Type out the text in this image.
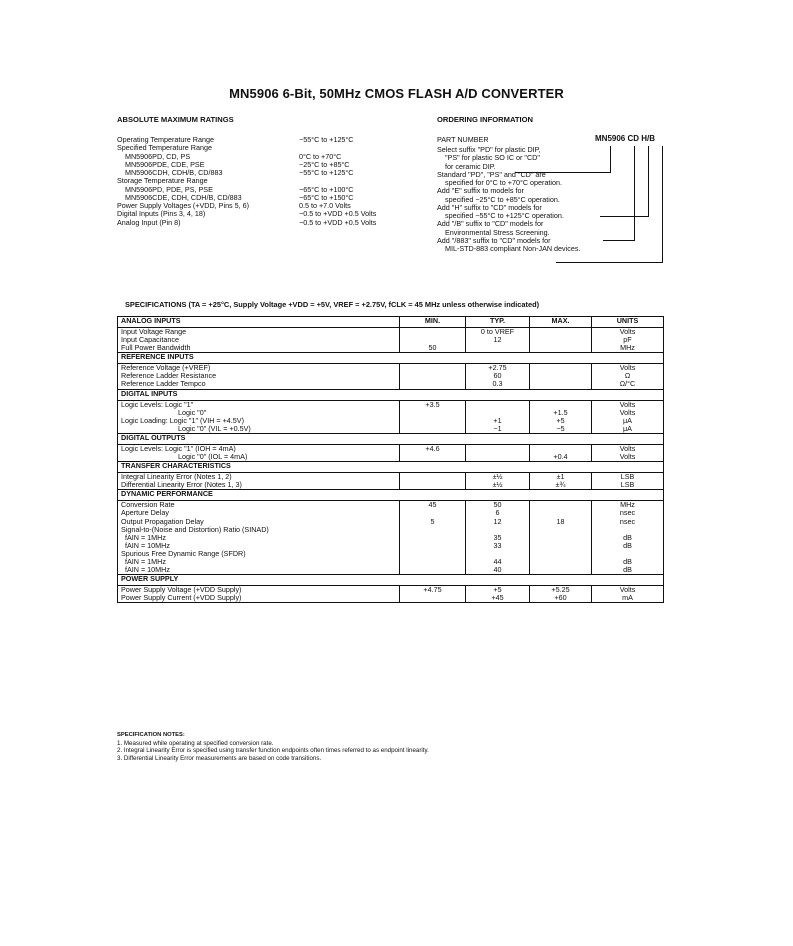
MN5906 6-Bit, 50MHz CMOS FLASH A/D CONVERTER
ABSOLUTE MAXIMUM RATINGS	ORDERING INFORMATION
Operating Temperature Range	−55°C to +125°C
Specified Temperature Range
MN5906PD, CD, PS	0°C to +70°C
MN5906PDE, CDE, PSE	−25°C to +85°C
MN5906CDH, CDH/B, CD/883	−55°C to +125°C
Storage Temperature Range
MN5906PD, PDE, PS, PSE	−65°C to +100°C
MN5906CDE, CDH, CDH/B, CD/883	−65°C to +150°C
Power Supply Voltages (+VDD, Pins 5, 6)	0.5 to +7.0 Volts
Digital Inputs (Pins 3, 4, 18)	−0.5 to +VDD +0.5 Volts
Analog Input (Pin 8)	−0.5 to +VDD +0.5 Volts
PART NUMBER	MN5906 CD H/B
Select suffix "PD" for plastic DIP,
"PS" for plastic SO IC or "CD"
for ceramic DIP.
Standard "PD", "PS" and "CD" are
specified for 0°C to +70°C operation.
Add "E" suffix to models for
specified −25°C to +85°C operation.
Add "H" suffix to "CD" models for
specified −55°C to +125°C operation.
Add "/B" suffix to "CD" models for
Environmental Stress Screening.
Add "/883" suffix to "CD" models for
MIL-STD-883 compliant Non-JAN devices.
SPECIFICATIONS (TA = +25°C, Supply Voltage +VDD = +5V, VREF = +2.75V, fCLK = 45 MHz unless otherwise indicated)
ANALOG INPUTS	MIN.	TYP.	MAX.	UNITS
Input Voltage Range		0 to VREF		Volts
Input Capacitance		12		pF
Full Power Bandwidth	50			MHz
REFERENCE INPUTS				
Reference Voltage (+VREF)		+2.75		Volts
Reference Ladder Resistance		60		Ω
Reference Ladder Tempco		0.3		Ω/°C
DIGITAL INPUTS				
Logic Levels: Logic "1"	+3.5			Volts

Logic "0"			+1.5	Volts
Logic Loading: Logic "1" (VIH = +4.5V)		+1	+5	μA

Logic "0" (VIL = +0.5V)		−1	−5	μA
DIGITAL OUTPUTS				
Logic Levels: Logic "1" (IOH = 4mA)	+4.6			Volts

Logic "0" (IOL = 4mA)			+0.4	Volts
TRANSFER CHARACTERISTICS				
Integral Linearity Error (Notes 1, 2)		±½	±1	LSB
Differential Linearity Error (Notes 1, 3)		±½	±¾	LSB
DYNAMIC PERFORMANCE				
Conversion Rate	45	50		MHz
Aperture Delay		6		nsec
Output Propagation Delay	5	12	18	nsec
Signal-to-(Noise and Distortion) Ratio (SINAD)				

fAIN = 1MHz		35		dB

fAIN = 10MHz		33		dB
Spurious Free Dynamic Range (SFDR)				

fAIN = 1MHz		44		dB

fAIN = 10MHz		40		dB
POWER SUPPLY				
Power Supply Voltage (+VDD Supply)	+4.75	+5	+5.25	Volts
Power Supply Current (+VDD Supply)		+45	+60	mA
SPECIFICATION NOTES:
1. Measured while operating at specified conversion rate.
2. Integral Linearity Error is specified using transfer function endpoints often times referred to as endpoint linearity.
3. Differential Linearity Error measurements are based on code transitions.
